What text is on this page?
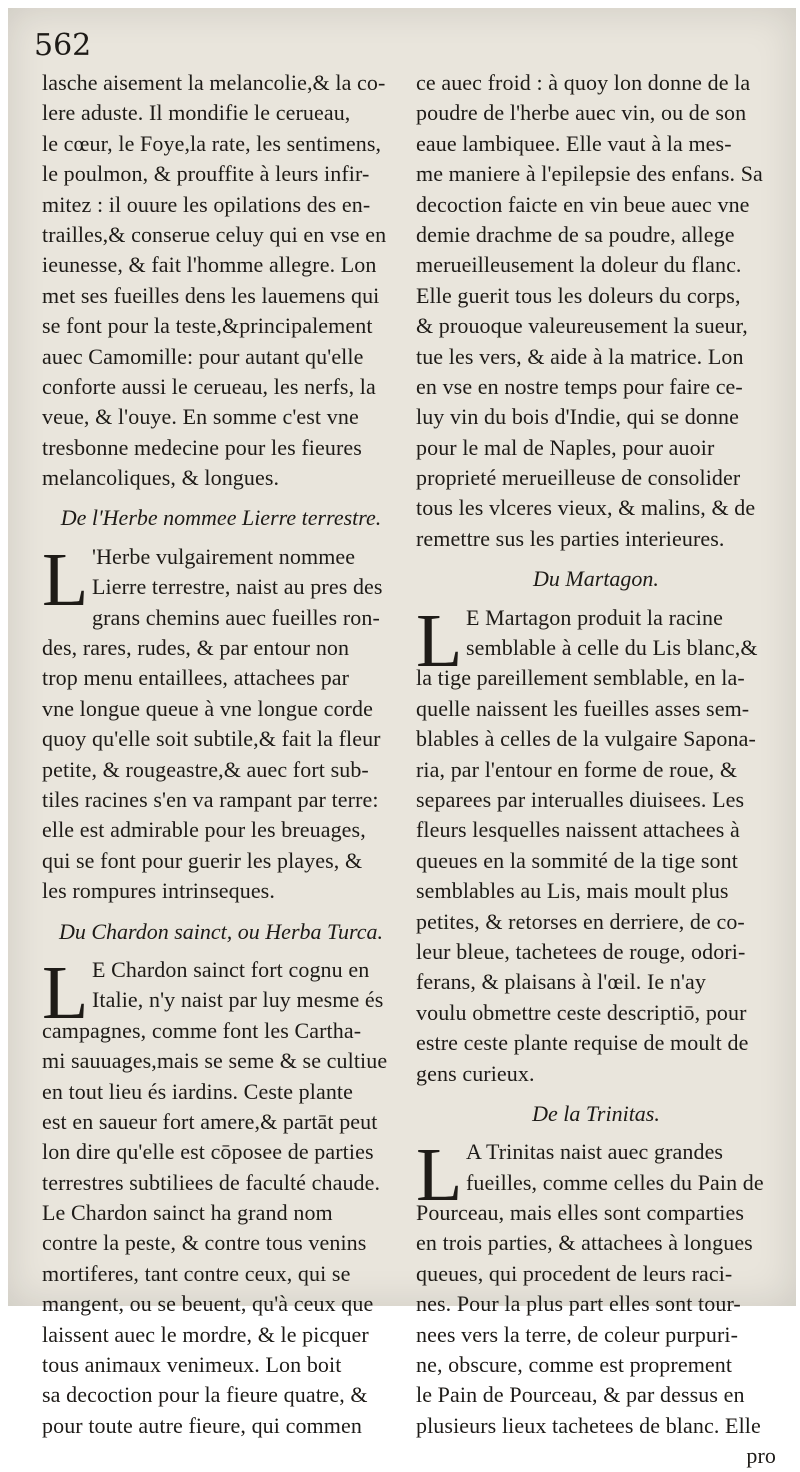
562
lasche aisement la melancolie,& la co-
lere aduste. Il mondifie le cerueau,
le cœur, le Foye,la rate, les sentimens,
le poulmon, & prouffite à leurs infir-
mitez : il ouure les opilations des en-
trailles,& conserue celuy qui en vse en
ieunesse, & fait l'homme allegre. Lon
met ses fueilles dens les lauemens qui
se font pour la teste,&principalement
auec Camomille: pour autant qu'elle
conforte aussi le cerueau, les nerfs, la
veue, & l'ouye. En somme c'est vne
tresbonne medecine pour les fieures
melancoliques, & longues.
De l'Herbe nommee Lierre terrestre.
L 'Herbe vulgairement nommee
Lierre terrestre, naist au pres des
grans chemins auec fueilles ron-
des, rares, rudes, & par entour non
trop menu entaillees, attachees par
vne longue queue à vne longue corde
quoy qu'elle soit subtile,& fait la fleur
petite, & rougeastre,& auec fort sub-
tiles racines s'en va rampant par terre:
elle est admirable pour les breuages,
qui se font pour guerir les playes, &
les rompures intrinseques.
Du Chardon sainct, ou Herba Turca.
L E Chardon sainct fort cognu en
Italie, n'y naist par luy mesme és
campagnes, comme font les Cartha-
mi sauuages,mais se seme & se cultiue
en tout lieu és iardins. Ceste plante
est en saueur fort amere,& partāt peut
lon dire qu'elle est cōposee de parties
terrestres subtiliees de faculté chaude.
Le Chardon sainct ha grand nom
contre la peste, & contre tous venins
mortiferes, tant contre ceux, qui se
mangent, ou se beuent, qu'à ceux que
laissent auec le mordre, & le picquer
tous animaux venimeux. Lon boit
sa decoction pour la fieure quatre, &
pour toute autre fieure, qui commen
ce auec froid : à quoy lon donne de la
poudre de l'herbe auec vin, ou de son
eaue lambiquee. Elle vaut à la mes-
me maniere à l'epilepsie des enfans. Sa
decoction faicte en vin beue auec vne
demie drachme de sa poudre, allege
merueilleusement la doleur du flanc.
Elle guerit tous les doleurs du corps,
& prouoque valeureusement la sueur,
tue les vers, & aide à la matrice. Lon
en vse en nostre temps pour faire ce-
luy vin du bois d'Indie, qui se donne
pour le mal de Naples, pour auoir
proprieté merueilleuse de consolider
tous les vlceres vieux, & malins, & de
remettre sus les parties interieures.
Du Martagon.
L E Martagon produit la racine
semblable à celle du Lis blanc,&
la tige pareillement semblable, en la-
quelle naissent les fueilles asses sem-
blables à celles de la vulgaire Sapona-
ria, par l'entour en forme de roue, &
separees par interualles diuisees. Les
fleurs lesquelles naissent attachees à
queues en la sommité de la tige sont
semblables au Lis, mais moult plus
petites, & retorses en derriere, de co-
leur bleue, tachetees de rouge, odori-
ferans, & plaisans à l'œil. Ie n'ay
voulu obmettre ceste descriptiō, pour
estre ceste plante requise de moult de
gens curieux.
De la Trinitas.
L A Trinitas naist auec grandes
fueilles, comme celles du Pain de
Pourceau, mais elles sont comparties
en trois parties, & attachees à longues
queues, qui procedent de leurs raci-
nes. Pour la plus part elles sont tour-
nees vers la terre, de coleur purpuri-
ne, obscure, comme est proprement
le Pain de Pourceau, & par dessus en
plusieurs lieux tachetees de blanc. Elle
pro
